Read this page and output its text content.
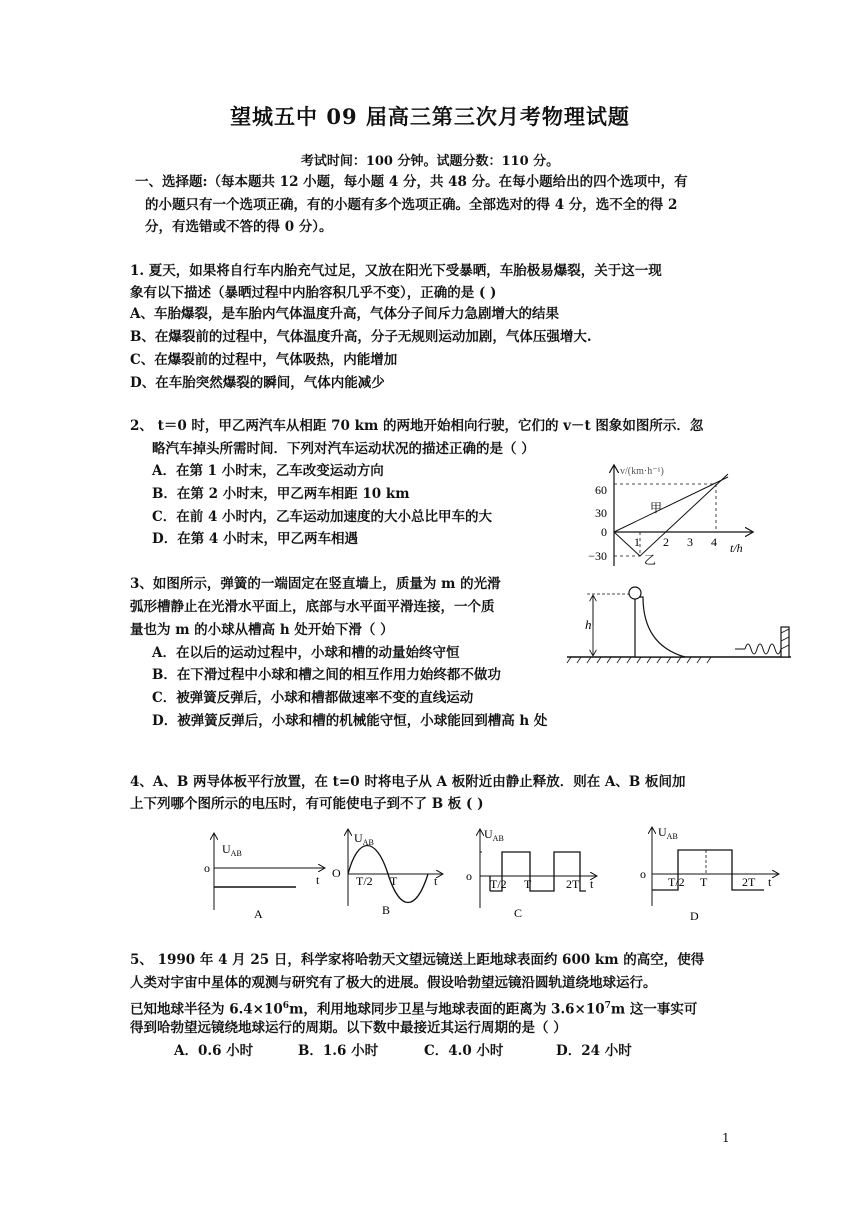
望城五中 09 届高三第三次月考物理试题
考试时间：100 分钟。试题分数：110 分。
一、选择题:（每本题共 12 小题，每小题 4 分，共 48 分。在每小题给出的四个选项中，有
的小题只有一个选项正确，有的小题有多个选项正确。全部选对的得 4 分，选不全的得 2
分，有选错或不答的得 0 分）。
1. 夏天，如果将自行车内胎充气过足，又放在阳光下受暴晒，车胎极易爆裂，关于这一现
象有以下描述（暴晒过程中内胎容积几乎不变），正确的是 ( )
A、车胎爆裂，是车胎内气体温度升高，气体分子间斥力急剧增大的结果
B、在爆裂前的过程中，气体温度升高，分子无规则运动加剧，气体压强增大.
C、在爆裂前的过程中，气体吸热，内能增加
D、在车胎突然爆裂的瞬间，气体内能减少
2、 t＝0 时，甲乙两汽车从相距 70 km 的两地开始相向行驶，它们的 v－t 图象如图所示．忽
略汽车掉头所需时间．下列对汽车运动状况的描述正确的是（ ）
A．在第 1 小时末，乙车改变运动方向
B．在第 2 小时末，甲乙两车相距 10 km
C．在前 4 小时内，乙车运动加速度的大小总比甲车的大
D．在第 4 小时末，甲乙两车相遇
60
30
0
−30
1 2 3 4 t/h
v/(km·h⁻¹)
甲
乙
3、如图所示，弹簧的一端固定在竖直墙上，质量为 m 的光滑
弧形槽静止在光滑水平面上，底部与水平面平滑连接，一个质
量也为 m 的小球从槽高 h 处开始下滑（ ）
A．在以后的运动过程中，小球和槽的动量始终守恒
B．在下滑过程中小球和槽之间的相互作用力始终都不做功
C．被弹簧反弹后，小球和槽都做速率不变的直线运动
D．被弹簧反弹后，小球和槽的机械能守恒，小球能回到槽高 h 处
h
4、A、B 两导体板平行放置，在 t=0 时将电子从 A 板附近由静止释放．则在 A、B 板间加
上下列哪个图所示的电压时，有可能使电子到不了 B 板 ( )
$U_{AB}$
o
t
A
$U_{AB}$
O
T/2 T	t
B
$U_{AB}$
o
T/2 T	2T t
C
$U_{AB}$
o
T/2 T	2T t
D
5、 1990 年 4 月 25 日，科学家将哈勃天文望远镜送上距地球表面约 600 km 的高空，使得
人类对宇宙中星体的观测与研究有了极大的进展。假设哈勃望远镜沿圆轨道绕地球运行。
已知地球半径为 $6.4\times 10^6m$，利用地球同步卫星与地球表面的距离为 $3.6\times 10^7m$ 这一事实可
得到哈勃望远镜绕地球运行的周期。以下数中最接近其运行周期的是（ ）
A．0.6 小时	B．1.6 小时	C．4.0 小时	D．24 小时
1
